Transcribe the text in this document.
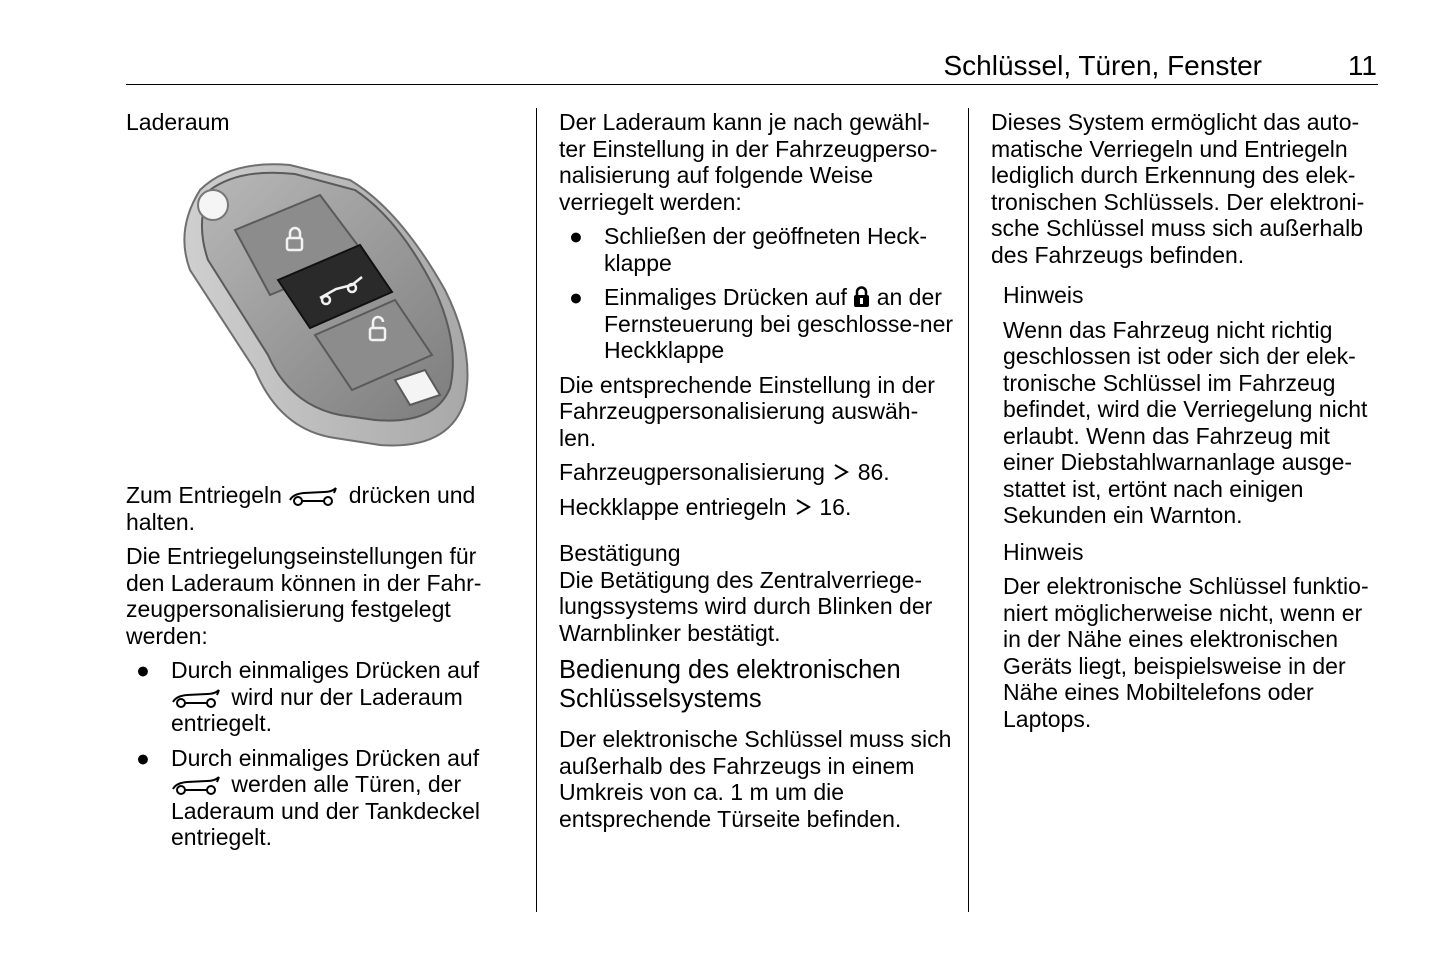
Schlüssel, Türen, Fenster	11

Laderaum

Zum Entriegeln	drücken und halten.

Die Entriegelungseinstellungen für den Laderaum können in der Fahr-zeugpersonalisierung festgelegt werden:

● Durch einmaliges Drücken auf  wird nur der Laderaum entriegelt.
● Durch einmaliges Drücken auf  werden alle Türen, der Laderaum und der Tankdeckel entriegelt.

Der Laderaum kann je nach gewähl-ter Einstellung in der Fahrzeugperso-nalisierung auf folgende Weise verriegelt werden:

● Schließen der geöffneten Heck-klappe
● Einmaliges Drücken auf an der Fernsteuerung bei geschlosse-ner Heckklappe

Die entsprechende Einstellung in der Fahrzeugpersonalisierung auswäh-len.

Fahrzeugpersonalisierung 86.

Heckklappe entriegeln 16.

Bestätigung

Die Betätigung des Zentralverriege-lungssystems wird durch Blinken der Warnblinker bestätigt.

Bedienung des elektronischen Schlüsselsystems

Der elektronische Schlüssel muss sich außerhalb des Fahrzeugs in einem Umkreis von ca. 1 m um die entsprechende Türseite befinden.

Dieses System ermöglicht das auto-matische Verriegeln und Entriegeln lediglich durch Erkennung des elek-tronischen Schlüssels. Der elektroni-sche Schlüssel muss sich außerhalb des Fahrzeugs befinden.

Hinweis

Wenn das Fahrzeug nicht richtig geschlossen ist oder sich der elek-tronische Schlüssel im Fahrzeug befindet, wird die Verriegelung nicht erlaubt. Wenn das Fahrzeug mit einer Diebstahlwarnanlage ausge-stattet ist, ertönt nach einigen Sekunden ein Warnton.

Hinweis

Der elektronische Schlüssel funktio-niert möglicherweise nicht, wenn er in der Nähe eines elektronischen Geräts liegt, beispielsweise in der Nähe eines Mobiltelefons oder Laptops.
